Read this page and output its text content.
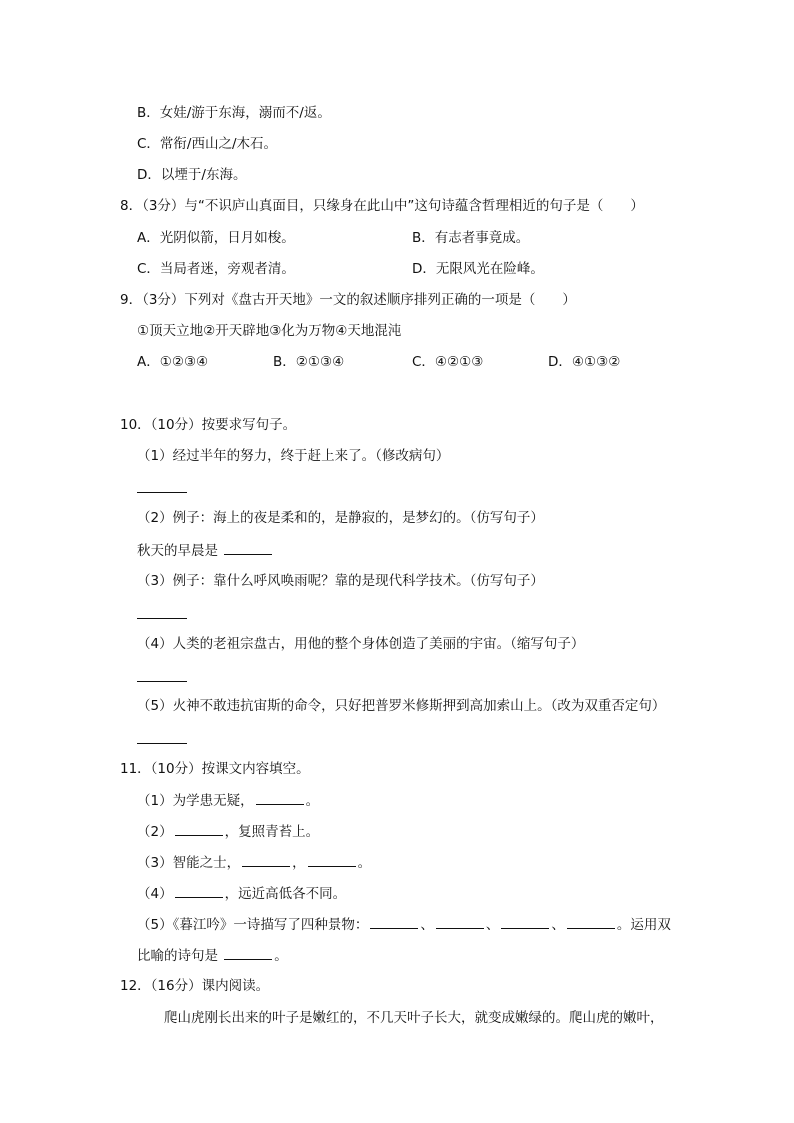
B．女娃/游于东海，溺而不/返。
C．常衔/西山之/木石。
D．以堙于/东海。
8．（3分）与“不识庐山真面目，只缘身在此山中”这句诗蕴含哲理相近的句子是（　　）
A．光阴似箭，日月如梭。	B．有志者事竟成。
C．当局者迷，旁观者清。	D．无限风光在险峰。
9．（3分）下列对《盘古开天地》一文的叙述顺序排列正确的一项是（　　）
①顶天立地②开天辟地③化为万物④天地混沌
A．①②③④	B．②①③④	C．④②①③	D．④①③②
10．（10分）按要求写句子。
（1）经过半年的努力，终于赶上来了。（修改病句）
（2）例子：海上的夜是柔和的，是静寂的，是梦幻的。（仿写句子）
秋天的早晨是
（3）例子：靠什么呼风唤雨呢？靠的是现代科学技术。（仿写句子）
（4）人类的老祖宗盘古，用他的整个身体创造了美丽的宇宙。（缩写句子）
（5）火神不敢违抗宙斯的命令，只好把普罗米修斯押到高加索山上。（改为双重否定句）
11．（10分）按课文内容填空。
（1）为学患无疑，	。
（2）	，复照青苔上。
（3）智能之士，	，	。
（4）	，远近高低各不同。
（5）《暮江吟》一诗描写了四种景物：	、	、	、	。运用双
比喻的诗句是	。
12．（16分）课内阅读。
爬山虎刚长出来的叶子是嫩红的，不几天叶子长大，就变成嫩绿的。爬山虎的嫩叶，
